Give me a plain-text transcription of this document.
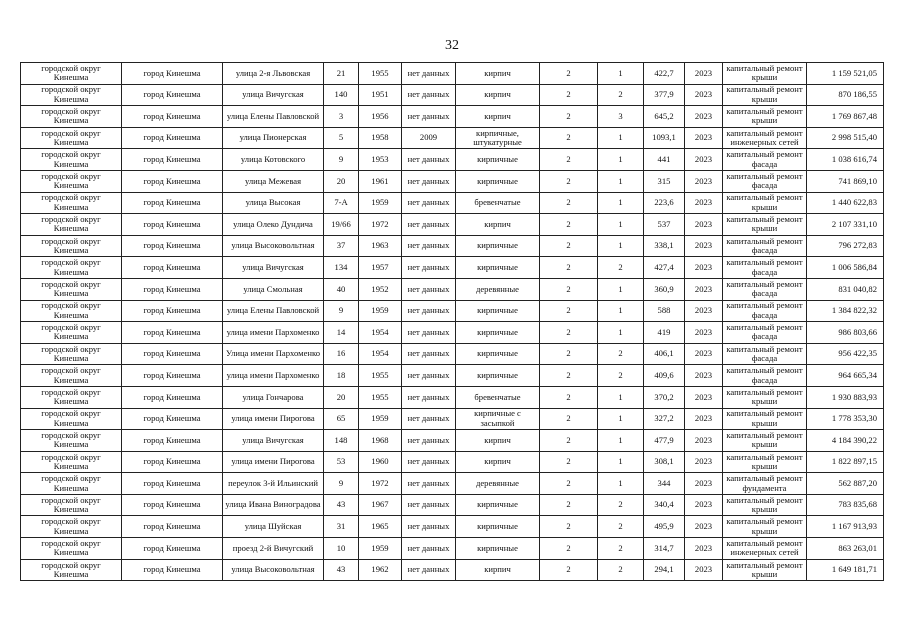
32
городской округ Кинешма	город Кинешма	улица 2-я Львовская	21	1955	нет данных	кирпич	2	1	422,7	2023	капитальный ремонт крыши	1 159 521,05
городской округ Кинешма	город Кинешма	улица Вичугская	140	1951	нет данных	кирпич	2	2	377,9	2023	капитальный ремонт крыши	870 186,55
городской округ Кинешма	город Кинешма	улица Елены Павловской	3	1956	нет данных	кирпич	2	3	645,2	2023	капитальный ремонт крыши	1 769 867,48
городской округ Кинешма	город Кинешма	улица Пионерская	5	1958	2009	кирпичные, штукатурные	2	1	1093,1	2023	капитальный ремонт инженерных сетей	2 998 515,40
городской округ Кинешма	город Кинешма	улица Котовского	9	1953	нет данных	кирпичные	2	1	441	2023	капитальный ремонт фасада	1 038 616,74
городской округ Кинешма	город Кинешма	улица Межевая	20	1961	нет данных	кирпичные	2	1	315	2023	капитальный ремонт фасада	741 869,10
городской округ Кинешма	город Кинешма	улица Высокая	7-А	1959	нет данных	бревенчатые	2	1	223,6	2023	капитальный ремонт крыши	1 440 622,83
городской округ Кинешма	город Кинешма	улица Олеко Дундича	19/66	1972	нет данных	кирпич	2	1	537	2023	капитальный ремонт крыши	2 107 331,10
городской округ Кинешма	город Кинешма	улица Высоковольтная	37	1963	нет данных	кирпичные	2	1	338,1	2023	капитальный ремонт фасада	796 272,83
городской округ Кинешма	город Кинешма	улица Вичугская	134	1957	нет данных	кирпичные	2	2	427,4	2023	капитальный ремонт фасада	1 006 586,84
городской округ Кинешма	город Кинешма	улица Смольная	40	1952	нет данных	деревянные	2	1	360,9	2023	капитальный ремонт фасада	831 040,82
городской округ Кинешма	город Кинешма	улица Елены Павловской	9	1959	нет данных	кирпичные	2	1	588	2023	капитальный ремонт фасада	1 384 822,32
городской округ Кинешма	город Кинешма	улица имени Пархоменко	14	1954	нет данных	кирпичные	2	1	419	2023	капитальный ремонт фасада	986 803,66
городской округ Кинешма	город Кинешма	Улица имени Пархоменко	16	1954	нет данных	кирпичные	2	2	406,1	2023	капитальный ремонт фасада	956 422,35
городской округ Кинешма	город Кинешма	улица имени Пархоменко	18	1955	нет данных	кирпичные	2	2	409,6	2023	капитальный ремонт фасада	964 665,34
городской округ Кинешма	город Кинешма	улица Гончарова	20	1955	нет данных	бревенчатые	2	1	370,2	2023	капитальный ремонт крыши	1 930 883,93
городской округ Кинешма	город Кинешма	улица имени Пирогова	65	1959	нет данных	кирпичные с засыпкой	2	1	327,2	2023	капитальный ремонт крыши	1 778 353,30
городской округ Кинешма	город Кинешма	улица Вичугская	148	1968	нет данных	кирпич	2	1	477,9	2023	капитальный ремонт крыши	4 184 390,22
городской округ Кинешма	город Кинешма	улица имени Пирогова	53	1960	нет данных	кирпич	2	1	308,1	2023	капитальный ремонт крыши	1 822 897,15
городской округ Кинешма	город Кинешма	переулок 3-й Ильинский	9	1972	нет данных	деревянные	2	1	344	2023	капитальный ремонт фундамента	562 887,20
городской округ Кинешма	город Кинешма	улица Ивана Виноградова	43	1967	нет данных	кирпичные	2	2	340,4	2023	капитальный ремонт крыши	783 835,68
городской округ Кинешма	город Кинешма	улица Шуйская	31	1965	нет данных	кирпичные	2	2	495,9	2023	капитальный ремонт крыши	1 167 913,93
городской округ Кинешма	город Кинешма	проезд 2-й Вичугский	10	1959	нет данных	кирпичные	2	2	314,7	2023	капитальный ремонт инженерных сетей	863 263,01
городской округ Кинешма	город Кинешма	улица Высоковольтная	43	1962	нет данных	кирпич	2	2	294,1	2023	капитальный ремонт крыши	1 649 181,71
